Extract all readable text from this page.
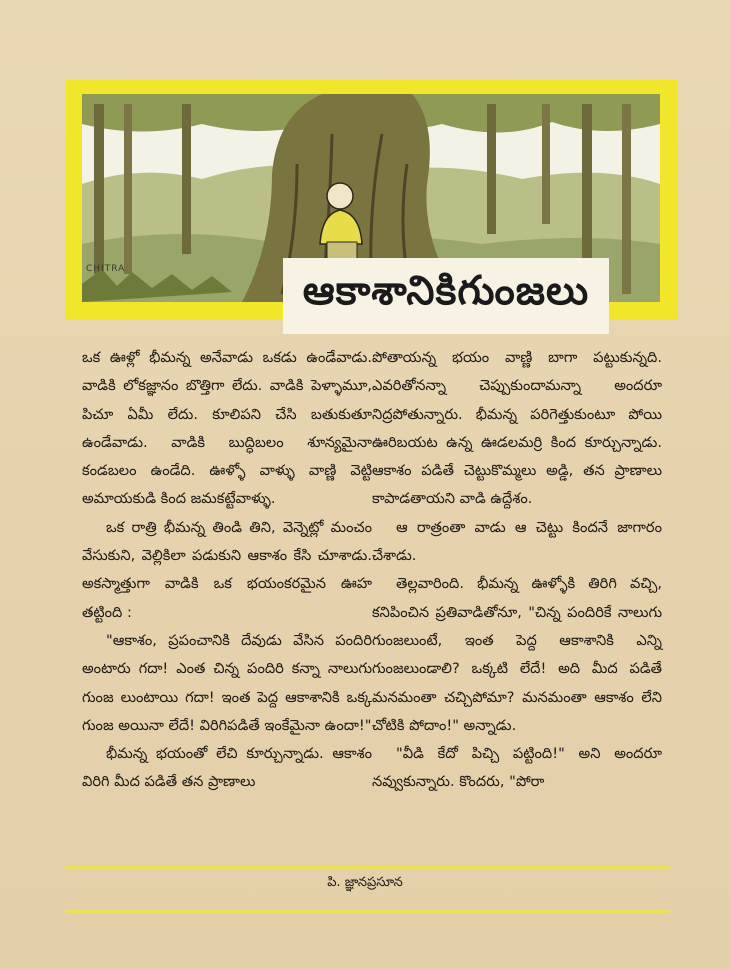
CHITRA	ఆకాశానికిగుంజలు

ఒక ఊళ్లో భీమన్న అనేవాడు ఒకడు ఉండేవాడు. వాడికి లోకజ్ఞానం బొత్తిగా లేదు. వాడికి పెళ్ళామూ, పిచూ ఏమీ లేదు. కూలిపని చేసి బతుకుతూ ఉండేవాడు. వాడికి బుద్ధిబలం శూన్యమైనా కండబలం ఉండేది. ఊళ్ళో వాళ్ళు వాణ్ణి వెట్టి అమాయకుడి కింద జమకట్టేవాళ్ళు.

ఒక రాత్రి భీమన్న తిండి తిని, వెన్నెట్లో మంచం వేసుకుని, వెల్లికిలా పడుకుని ఆకాశం కేసి చూశాడు. అకస్మాత్తుగా వాడికి ఒక భయంకరమైన ఊహ తట్టింది :

"ఆకాశం, ప్రపంచానికి దేవుడు వేసిన పందిరి అంటారు గదా! ఎంత చిన్న పందిరి కన్నా నాలుగు గుంజ లుంటాయి గదా! ఇంత పెద్ద ఆకాశానికి ఒక్క గుంజ అయినా లేదే! విరిగిపడితే ఇంకేమైనా ఉందా!"

భీమన్న భయంతో లేచి కూర్చున్నాడు. ఆకాశం విరిగి మీద పడితే తన ప్రాణాలు

పోతాయన్న భయం వాణ్ణి బాగా పట్టుకున్నది. ఎవరితోనన్నా చెప్పుకుందామన్నా అందరూ నిద్రపోతున్నారు. భీమన్న పరిగెత్తుకుంటూ పోయి ఊరిబయట ఉన్న ఊడలమర్రి కింద కూర్చున్నాడు. ఆకాశం పడితే చెట్టుకొమ్మలు అడ్డి, తన ప్రాణాలు కాపాడతాయని వాడి ఉద్దేశం.

ఆ రాత్రంతా వాడు ఆ చెట్టు కిందనే జాగారం చేశాడు.

తెల్లవారింది. భీమన్న ఊళ్ళోకి తిరిగి వచ్చి, కనిపించిన ప్రతివాడితోనూ, "చిన్న పందిరికే నాలుగు గుంజలుంటే, ఇంత పెద్ద ఆకాశానికి ఎన్ని గుంజలుండాలి? ఒక్కటి లేదే! అది మీద పడితే మనమంతా చచ్చిపోమా? మనమంతా ఆకాశం లేని చోటికి పోదాం!" అన్నాడు.

"వీడి కేదో పిచ్చి పట్టింది!" అని అందరూ నవ్వుకున్నారు. కొందరు, "పోరా

పి. జ్ఞానప్రసూన
